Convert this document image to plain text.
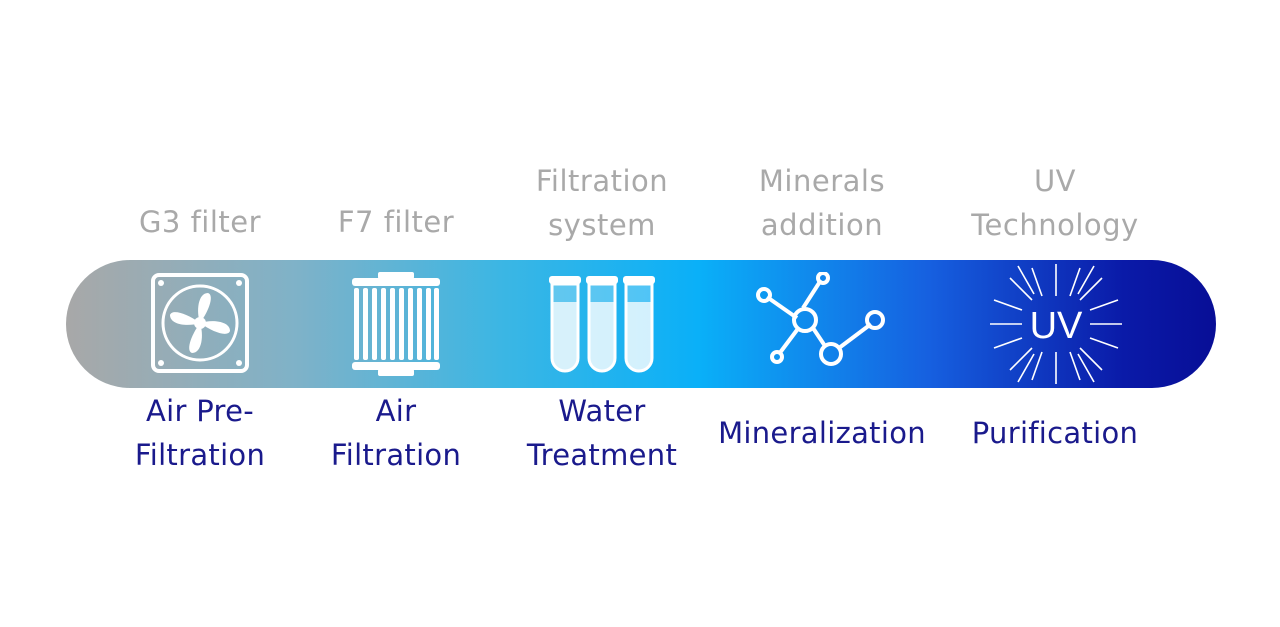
G3 filter	F7 filter
Filtration
system
Minerals
addition
UV
Technology
UV
Air Pre-
Filtration
Air
Filtration
Water
Treatment
Mineralization Purification
